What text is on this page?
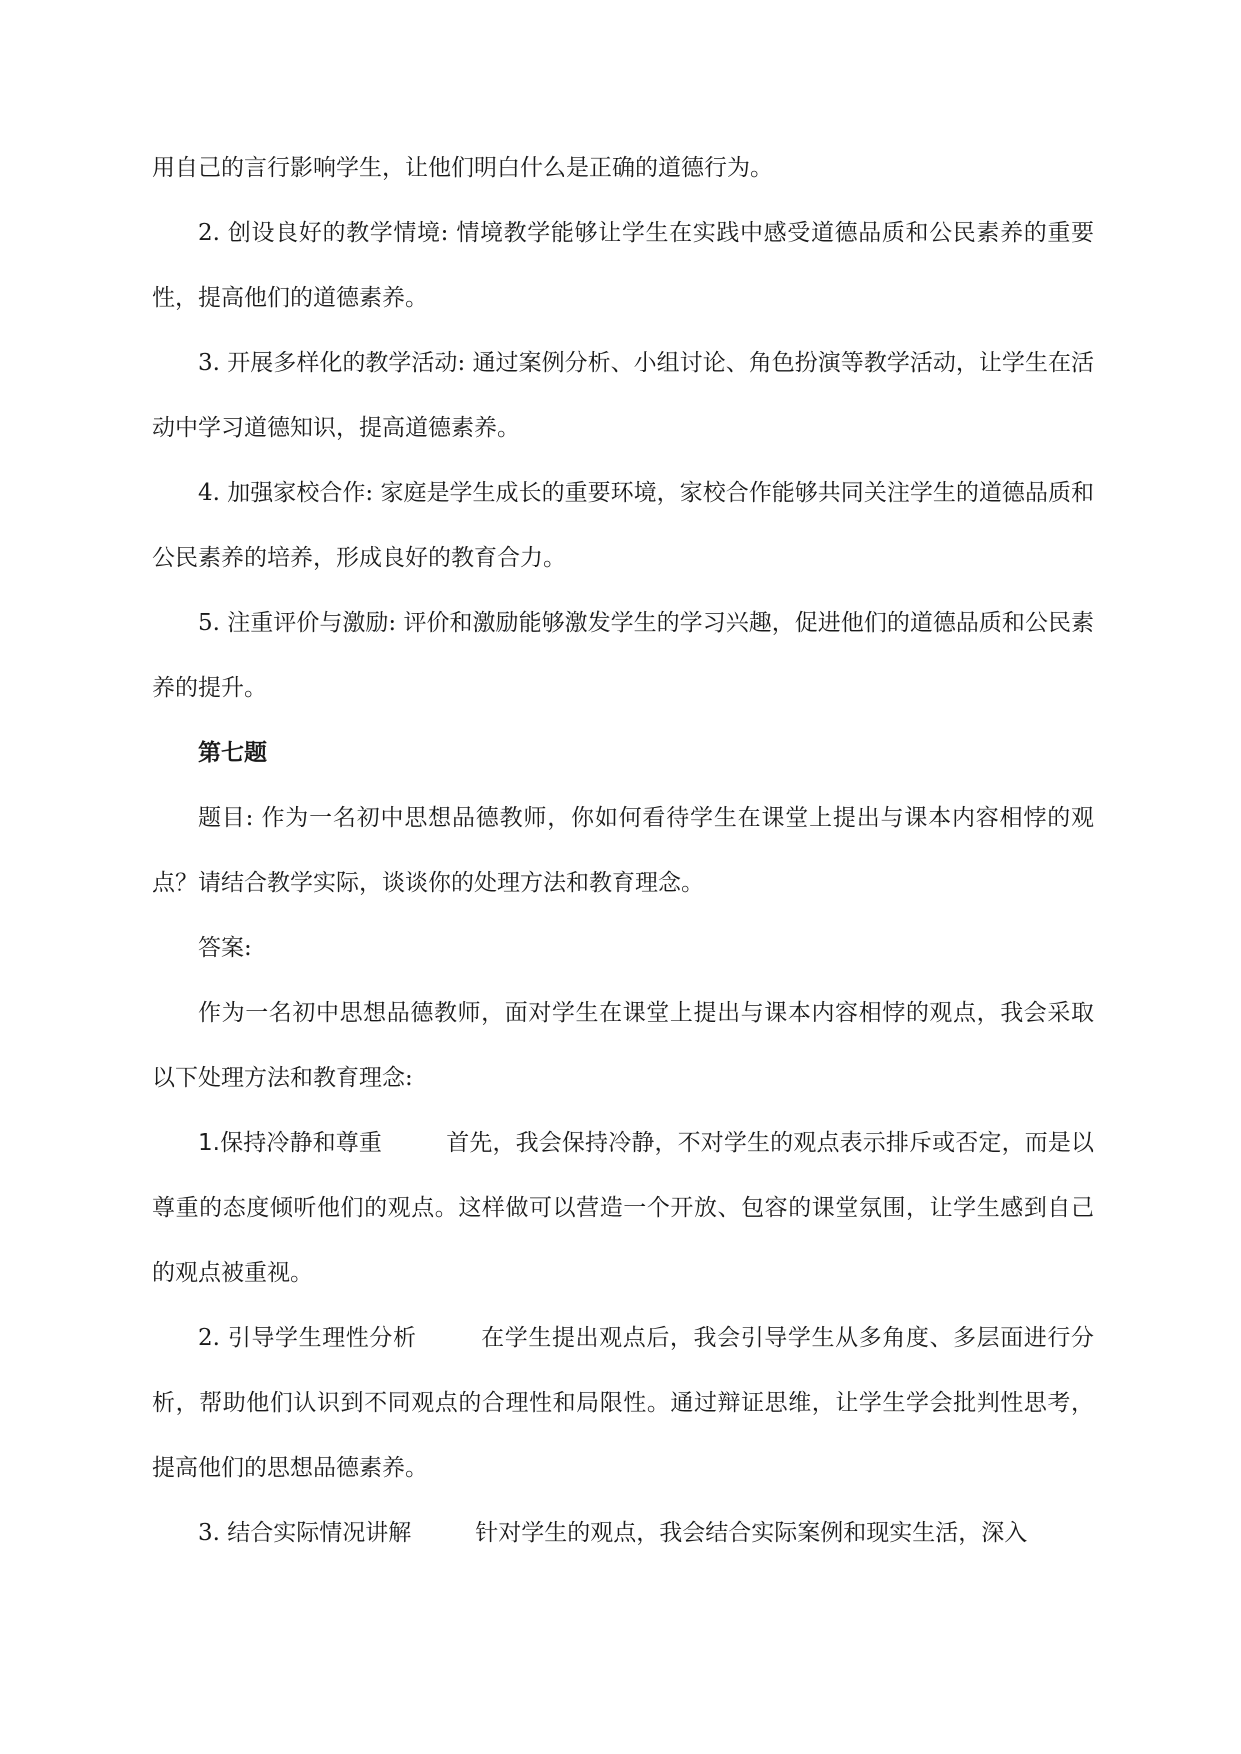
用自己的言行影响学生，让他们明白什么是正确的道德行为。

2. 创设良好的教学情境: 情境教学能够让学生在实践中感受道德品质和公民素养的重要性，提高他们的道德素养。

3. 开展多样化的教学活动: 通过案例分析、小组讨论、角色扮演等教学活动，让学生在活动中学习道德知识，提高道德素养。

4. 加强家校合作: 家庭是学生成长的重要环境，家校合作能够共同关注学生的道德品质和公民素养的培养，形成良好的教育合力。

5. 注重评价与激励: 评价和激励能够激发学生的学习兴趣，促进他们的道德品质和公民素养的提升。

第七题

题目: 作为一名初中思想品德教师，你如何看待学生在课堂上提出与课本内容相悖的观点？请结合教学实际，谈谈你的处理方法和教育理念。

答案:

作为一名初中思想品德教师，面对学生在课堂上提出与课本内容相悖的观点，我会采取以下处理方法和教育理念:

1.保持冷静和尊重	首先，我会保持冷静，不对学生的观点表示排斥或否定，而是以尊重的态度倾听他们的观点。这样做可以营造一个开放、包容的课堂氛围，让学生感到自己的观点被重视。

2. 引导学生理性分析	在学生提出观点后，我会引导学生从多角度、多层面进行分析，帮助他们认识到不同观点的合理性和局限性。通过辩证思维，让学生学会批判性思考，提高他们的思想品德素养。

3. 结合实际情况讲解	针对学生的观点，我会结合实际案例和现实生活，深入
